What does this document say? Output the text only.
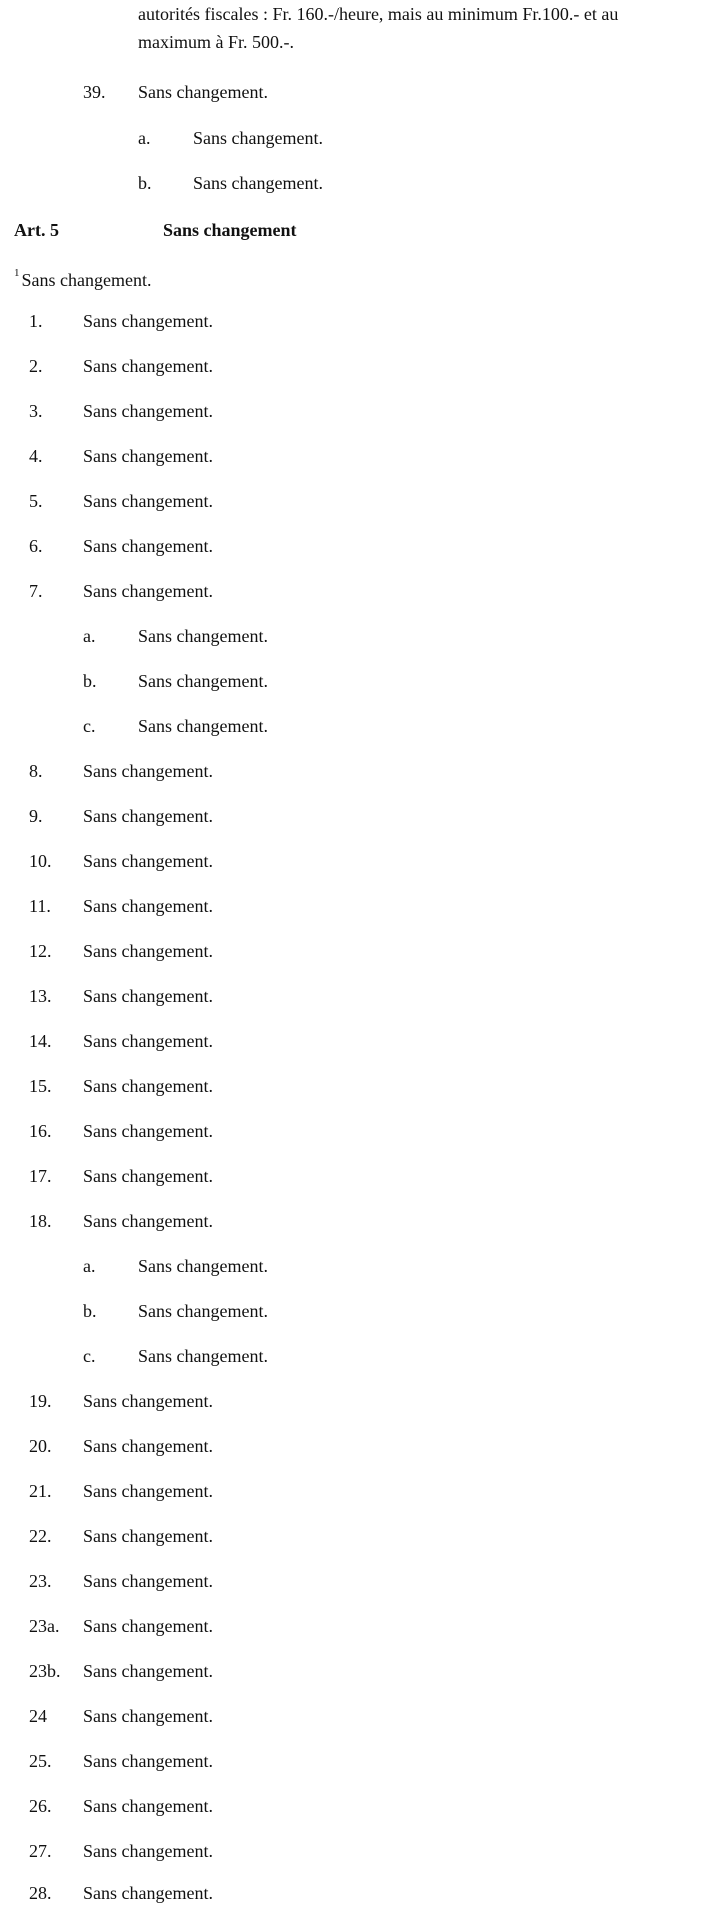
autorités fiscales : Fr. 160.-/heure, mais au minimum Fr.100.- et au
maximum à Fr. 500.-.
39. Sans changement.
a. Sans changement.
b. Sans changement.
Art. 5	Sans changement
$^1$ Sans changement.
1. Sans changement.
2. Sans changement.
3. Sans changement.
4. Sans changement.
5. Sans changement.
6. Sans changement.
7. Sans changement.
a. Sans changement.
b. Sans changement.
c. Sans changement.
8. Sans changement.
9. Sans changement.
10. Sans changement.
11. Sans changement.
12. Sans changement.
13. Sans changement.
14. Sans changement.
15. Sans changement.
16. Sans changement.
17. Sans changement.
18. Sans changement.
a. Sans changement.
b. Sans changement.
c. Sans changement.
19. Sans changement.
20. Sans changement.
21. Sans changement.
22. Sans changement.
23. Sans changement.
23a. Sans changement.
23b. Sans changement.
24 Sans changement.
25. Sans changement.
26. Sans changement.
27. Sans changement.
28. Sans changement.
